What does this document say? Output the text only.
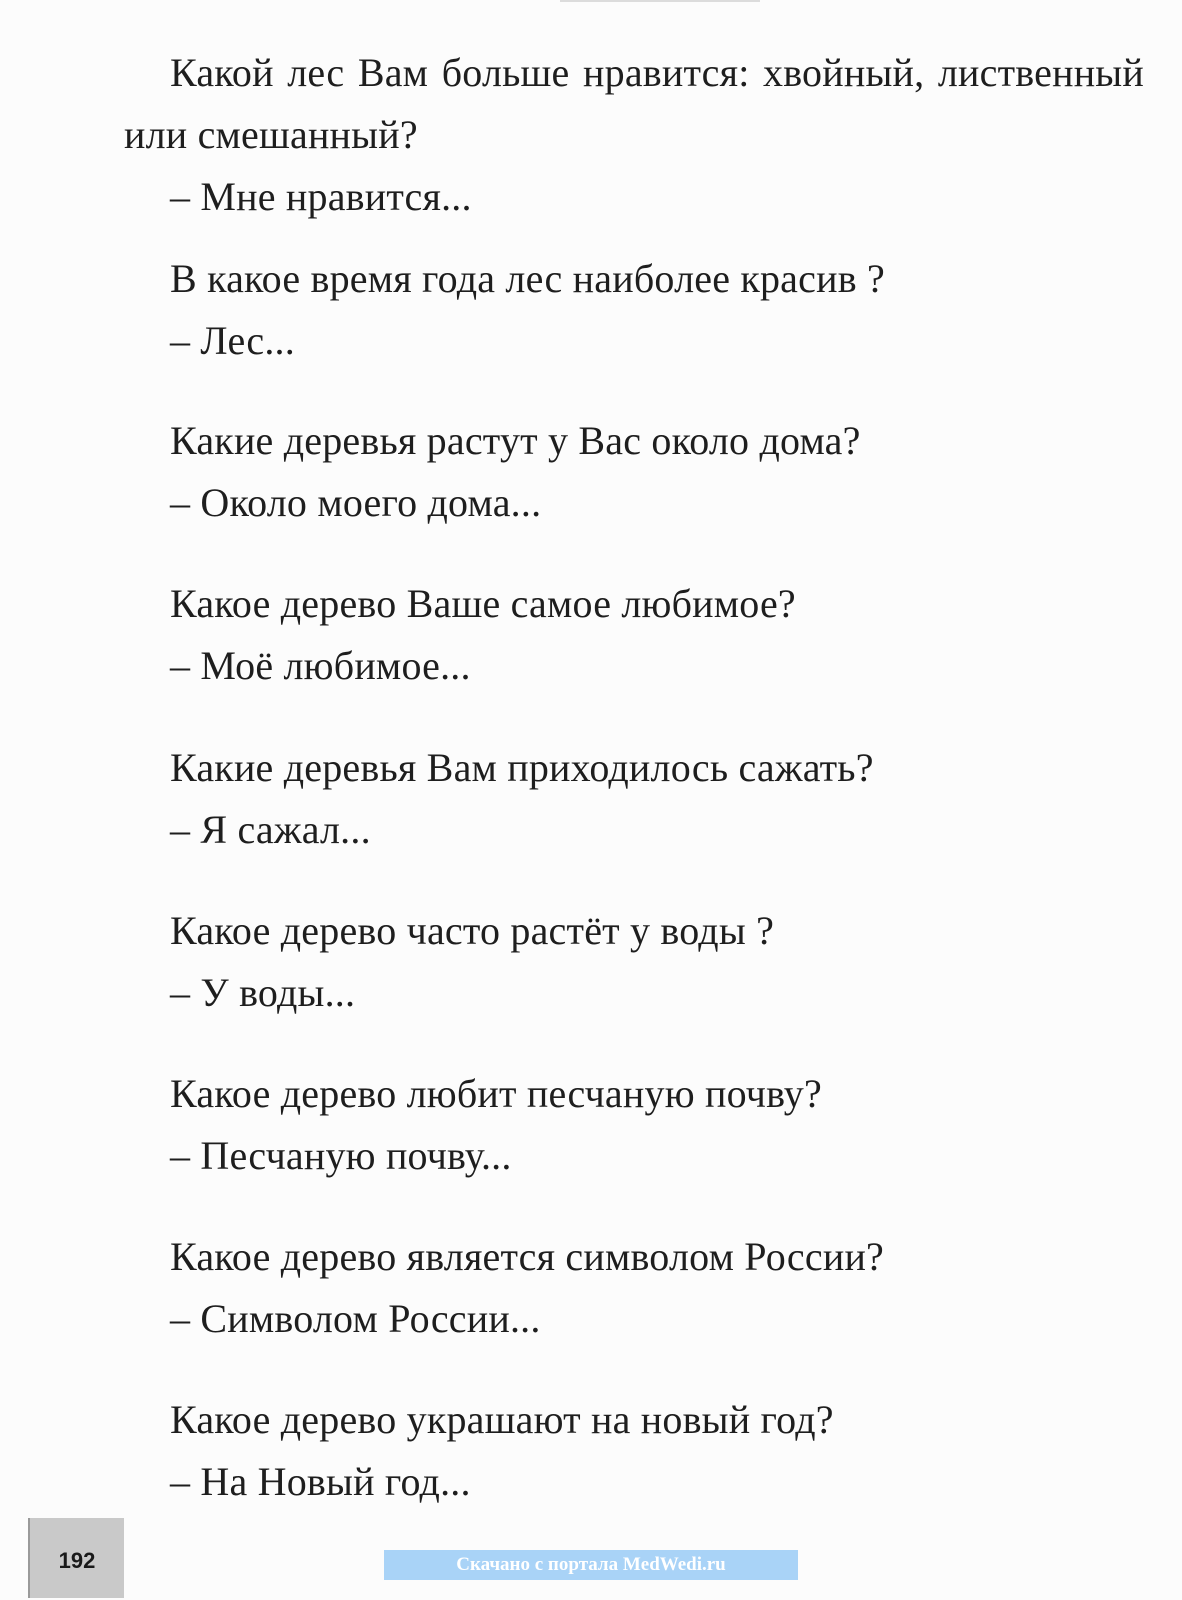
Какой лес Вам больше нравится: хвойный, лиственный или смешанный?

– Мне нравится...

В какое время года лес наиболее красив ?

– Лес...

Какие деревья растут у Вас около дома?

– Около моего дома...

Какое дерево Ваше самое любимое?

– Моё любимое...

Какие деревья Вам приходилось сажать?

– Я сажал...

Какое дерево часто растёт у воды ?

– У воды...

Какое дерево любит песчаную почву?

– Песчаную почву...

Какое дерево является символом России?

– Символом России...

Какое дерево украшают на новый год?

– На Новый год...

192	Скачано с портала MedWedi.ru
